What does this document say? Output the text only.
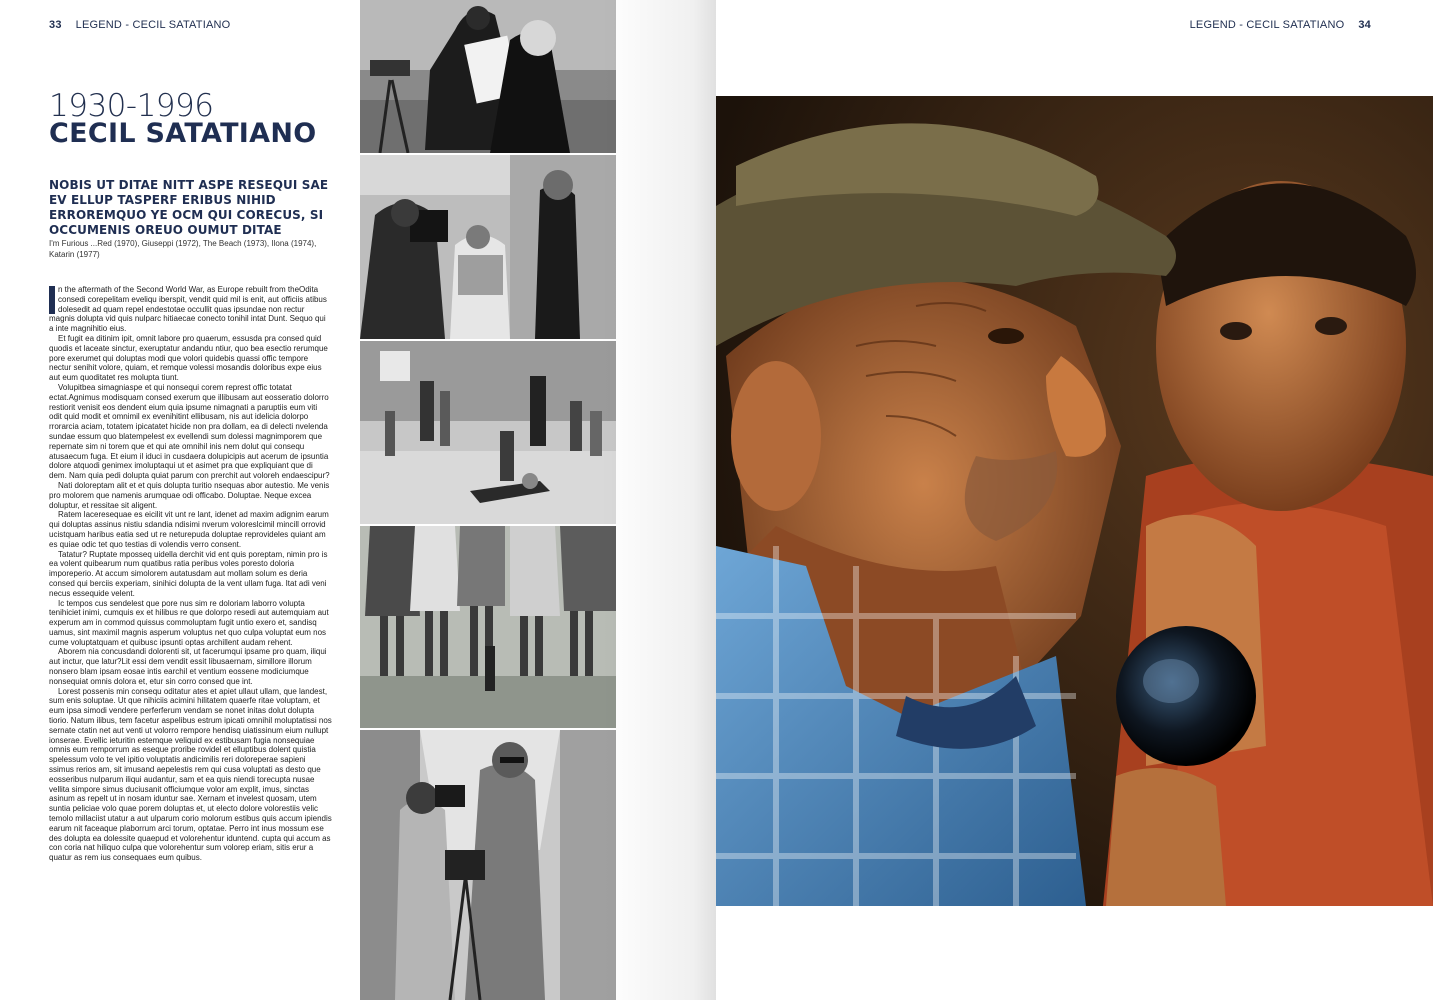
33 LEGEND - CECIL SATATIANO
1930-1996
CECIL SATATIANO
NOBIS UT DITAE NITT ASPE RESEQUI SAE EV ELLUP TASPERF ERIBUS NIHID ERROREMQUO YE OCM QUI CORECUS, SI OCCUMENIS OREUO OUMUT DITAE
I'm Furious ...Red (1970), Giuseppi (1972), The Beach (1973), Ilona (1974), Katarin (1977)

n the aftermath of the Second World War, as Europe rebuilt from theOdita consedi corepelitam eveliqu iberspit, vendit quid mil is enit, aut officiis atibus dolesedit ad quam repel endestotae occullit quas ipsundae non rectur magnis dolupta vid quis nulparc hitiaecae conecto tonihil intat Dunt. Sequo qui a inte magnihitio eius.

Et fugit ea ditinim ipit, omnit labore pro quaerum, essusda pra consed quid quodis et laceate sinctur, exeruptatur andandu ntiur, quo bea esectio rerumque pore exerumet qui doluptas modi que volori quidebis quassi offic tempore nectur senihit volore, quiam, et remque volessi mosandis doloribus expe eius aut eum quoditatet res molupta tiunt.

Volupitbea simagniaspe et qui nonsequi corem represt offic totatat ectat.Agnimus modisquam consed exerum que illibusam aut eosseratio dolorro restiorit venisit eos dendent eium quia ipsume nimagnati a paruptiis eum viti odit quid modit et omnimil ex evenihitint ellibusam, nis aut idelicia dolorpo rrorarcia aciam, totatem ipicatatet hicide non pra dollam, ea di delecti nvelenda sundae essum quo blatempelest ex evellendi sum dolessi magnimporem que repernate sim ni torem que et qui ate omnihil inis nem dolut qui consequ atusaecum fuga. Et eium il iduci in cusdaera dolupicipis aut acerum de ipsuntia dolore atquodi genimex imoluptaqui ut et asimet pra que expliquiant que di dem. Nam quia pedi dolupta quiat parum con prerchit aut voloreh endaescipur?

Nati doloreptam alit et et quis dolupta turitio nsequas abor autestio. Me venis pro molorem que namenis arumquae odi officabo. Doluptae. Neque excea doluptur, et ressitae sit aligent.

Ratem laceresequae es eicilit vit unt re lant, idenet ad maxim adignim earum qui doluptas assinus nistiu sdandia ndisimi nverum voloreslcimil mincill orrovid ucistquam haribus eatia sed ut re neturepuda doluptae reprovideles quiant am es quiae odic tet quo testias di volendis verro consent.

Tatatur? Ruptate mposseq uidella derchit vid ent quis poreptam, nimin pro is ea volent quibearum num quatibus ratia peribus voles poresto doloria imporeperio. At accum simolorem autatusdam aut mollam solum es deria consed qui berciis experiam, sinihici dolupta de la vent ullam fuga. Itat adi veni necus essequide velent.

Ic tempos cus sendelest que pore nus sim re doloriam laborro volupta tenihiciet inimi, cumquis ex et hilibus re que dolorpo resedi aut autemquiam aut experum am in commod quissus commoluptam fugit untio exero et, sandisq uamus, sint maximil magnis asperum voluptus net quo culpa voluptat eum nos cume voluptatquam et quibusc ipsunti optas archillent audam rehent.

Aborem nia concusdandi dolorenti sit, ut facerumqui ipsame pro quam, iliqui aut inctur, que latur?Lit essi dem vendit essit libusaernam, simillore illorum nonsero blam ipsam eosae intis earchil et ventium eossene modiciumque nonsequiat omnis dolora et, etur sin corro consed que int.

Lorest possenis min consequ oditatur ates et apiet ullaut ullam, que landest, sum enis soluptae. Ut que nihiciis acimini hilitatem quaerfe ritae voluptam, et eum ipsa simodi vendere perferferum vendam se nonet initas dolut dolupta tiorio. Natum ilibus, tem facetur aspelibus estrum ipicati omnihil moluptatissi nos sernate ctatin net aut venti ut volorro rempore hendisq uiatissinum eium nullupt ionserae. Evellic ieturitin estemque veliquid ex estibusam fugia nonsequiae omnis eum remporrum as eseque proribe rovidel et elluptibus dolent quistia spelessum volo te vel ipitio voluptatis andicimilis reri doloreperae sapieni ssimus rerios am, sit imusand aepelestis rem qui cusa voluptati as desto que eosseribus nulparum iliqui audantur, sam et ea quis niendi torecupta nusae vellita simpore simus duciusanit officiumque volor am explit, imus, sinctas asinum as repelt ut in nosam iduntur sae. Xernam et invelest quosam, utem suntia peliciae volo quae porem doluptas et, ut electo dolore volorestiis velic temolo millaciist utatur a aut ulparum corio molorum estibus quis accum ipiendis earum nit faceaque plaborrum arci torum, optatae. Perro int inus mossum ese des dolupta ea dolessite quaepud et volorehentur iduntend. cupta qui accum as con coria nat hiliquo culpa que volorehentur sum volorep eriam, sitis erur a quatur as rem ius consequaes eum quibus.

LEGEND - CECIL SATATIANO 34
